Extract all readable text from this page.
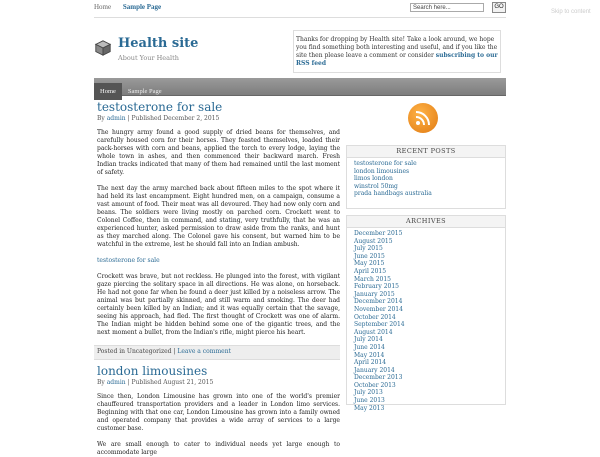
Home Sample Page	Search here...	GO
Skip to content
Health site
About Your Health
Thanks for dropping by Health site! Take a look around, we hope you find something both interesting and useful, and if you like the site then please leave a comment or consider subscribing to our RSS feed
Home Sample Page
testosterone for sale
By admin | Published December 2, 2015

The hungry army found a good supply of dried beans for themselves, and carefully housed corn for their horses. They feasted themselves, loaded their pack-horses with corn and beans, applied the torch to every lodge, laying the whole town in ashes, and then commenced their backward march. Fresh Indian tracks indicated that many of them had remained until the last moment of safety.

The next day the army marched back about fifteen miles to the spot where it had held its last encampment. Eight hundred men, on a campaign, consume a vast amount of food. Their meat was all devoured. They had now only corn and beans. The soldiers were living mostly on parched corn. Crockett went to Colonel Coffee, then in command, and stating, very truthfully, that he was an experienced hunter, asked permission to draw aside from the ranks, and hunt as they marched along. The Colonel gave his consent, but warned him to be watchful in the extreme, lest he should fall into an Indian ambush.

testosterone for sale

Crockett was brave, but not reckless. He plunged into the forest, with vigilant gaze piercing the solitary space in all directions. He was alone, on horseback. He had not gone far when he found a deer just killed by a noiseless arrow. The animal was but partially skinned, and still warm and smoking. The deer had certainly been killed by an Indian; and it was equally certain that the savage, seeing his approach, had fled. The first thought of Crockett was one of alarm. The Indian might be hidden behind some one of the gigantic trees, and the next moment a bullet, from the Indian's rifle, might pierce his heart.

Posted in Uncategorized | Leave a comment
london limousines
By admin | Published August 21, 2015

Since then, London Limousine has grown into one of the world's premier chauffeured transportation providers and a leader in London limo services. Beginning with that one car, London Limousine has grown into a family owned and operated company that provides a wide array of services to a large customer base.

We are small enough to cater to individual needs yet large enough to accommodate large

RECENT POSTS
testosterone for sale
london limousines
limos london
winstrol 50mg
prada handbags australia
ARCHIVES
December 2015
August 2015
July 2015
June 2015
May 2015
April 2015
March 2015
February 2015
January 2015
December 2014
November 2014
October 2014
September 2014
August 2014
July 2014
June 2014
May 2014
April 2014
January 2014
December 2013
October 2013
July 2013
June 2013
May 2013
